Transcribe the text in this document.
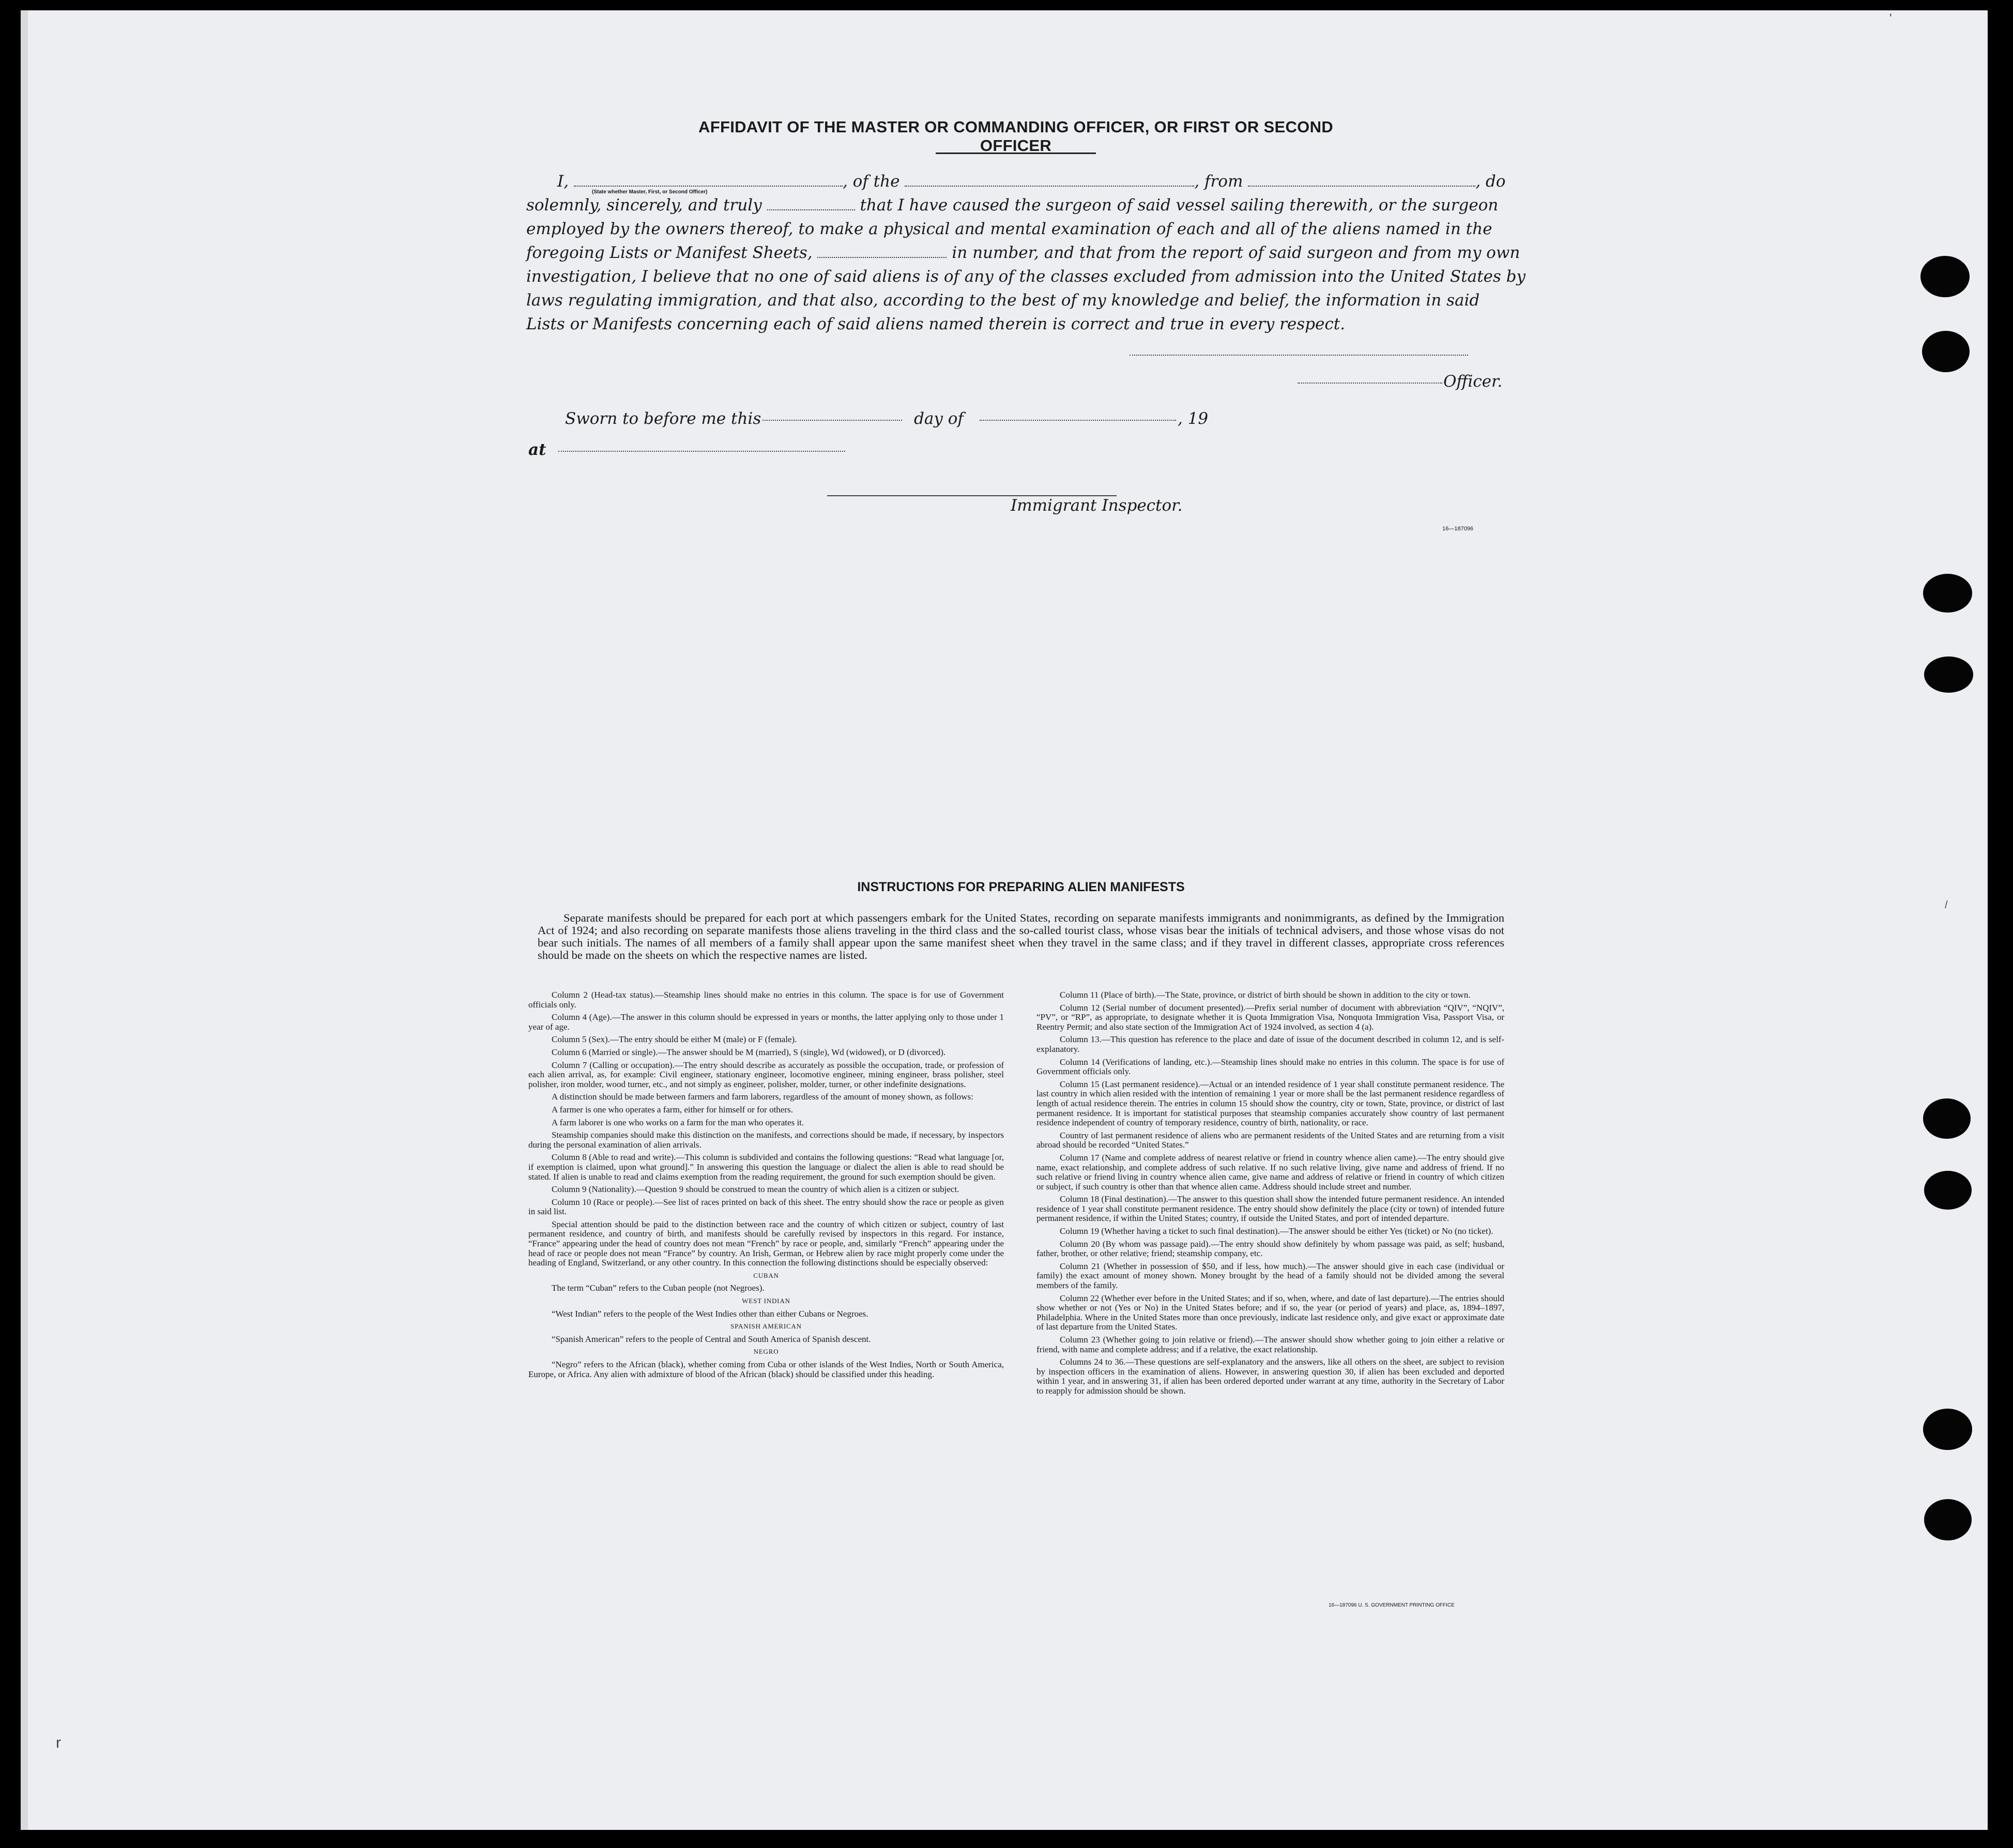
'
r
/
AFFIDAVIT OF THE MASTER OR COMMANDING OFFICER, OR FIRST OR SECOND OFFICER

I,	, of the	, from	, do

solemnly, sincerely, and truly	that I have caused the surgeon of said vessel sailing therewith, or the surgeon

employed by the owners thereof, to make a physical and mental examination of each and all of the aliens named in the

foregoing Lists or Manifest Sheets,	in number, and that from the report of said surgeon and from my own

investigation, I believe that no one of said aliens is of any of the classes excluded from admission into the United States by

laws regulating immigration, and that also, according to the best of my knowledge and belief, the information in said

Lists or Manifests concerning each of said aliens named therein is correct and true in every respect.

(State whether Master, First, or Second Officer)
Officer.
Sworn to before me this	day of	, 19
at
Immigrant Inspector.
16—187096
INSTRUCTIONS FOR PREPARING ALIEN MANIFESTS

Separate manifests should be prepared for each port at which passengers embark for the United States, recording on separate manifests immigrants and nonimmigrants, as defined by the Immigration Act of 1924; and also recording on separate manifests those aliens traveling in the third class and the so-called tourist class, whose visas bear the initials of technical advisers, and those whose visas do not bear such initials. The names of all members of a family shall appear upon the same manifest sheet when they travel in the same class; and if they travel in different classes, appropriate cross references should be made on the sheets on which the respective names are listed.

Column 2 (Head-tax status).—Steamship lines should make no entries in this column. The space is for use of Government officials only.

Column 4 (Age).—The answer in this column should be expressed in years or months, the latter applying only to those under 1 year of age.

Column 5 (Sex).—The entry should be either M (male) or F (female).

Column 6 (Married or single).—The answer should be M (married), S (single), Wd (widowed), or D (divorced).

Column 7 (Calling or occupation).—The entry should describe as accurately as possible the occupation, trade, or profession of each alien arrival, as, for example: Civil engineer, stationary engineer, locomotive engineer, mining engineer, brass polisher, steel polisher, iron molder, wood turner, etc., and not simply as engineer, polisher, molder, turner, or other indefinite designations.

A distinction should be made between farmers and farm laborers, regardless of the amount of money shown, as follows:

A farmer is one who operates a farm, either for himself or for others.

A farm laborer is one who works on a farm for the man who operates it.

Steamship companies should make this distinction on the manifests, and corrections should be made, if necessary, by inspectors during the personal examination of alien arrivals.

Column 8 (Able to read and write).—This column is subdivided and contains the following questions: “Read what language [or, if exemption is claimed, upon what ground].” In answering this question the language or dialect the alien is able to read should be stated. If alien is unable to read and claims exemption from the reading requirement, the ground for such exemption should be given.

Column 9 (Nationality).—Question 9 should be construed to mean the country of which alien is a citizen or subject.

Column 10 (Race or people).—See list of races printed on back of this sheet. The entry should show the race or people as given in said list.

Special attention should be paid to the distinction between race and the country of which citizen or subject, country of last permanent residence, and country of birth, and manifests should be carefully revised by inspectors in this regard. For instance, “France” appearing under the head of country does not mean “French” by race or people, and, similarly “French” appearing under the head of race or people does not mean “France” by country. An Irish, German, or Hebrew alien by race might properly come under the heading of England, Switzerland, or any other country. In this connection the following distinctions should be especially observed:

CUBAN

The term “Cuban” refers to the Cuban people (not Negroes).

WEST INDIAN

“West Indian” refers to the people of the West Indies other than either Cubans or Negroes.

SPANISH AMERICAN

“Spanish American” refers to the people of Central and South America of Spanish descent.

NEGRO

“Negro” refers to the African (black), whether coming from Cuba or other islands of the West Indies, North or South America, Europe, or Africa. Any alien with admixture of blood of the African (black) should be classified under this heading.

Column 11 (Place of birth).—The State, province, or district of birth should be shown in addition to the city or town.

Column 12 (Serial number of document presented).—Prefix serial number of document with abbreviation “QIV”, “NQIV”, “PV”, or “RP”, as appropriate, to designate whether it is Quota Immigration Visa, Nonquota Immigration Visa, Passport Visa, or Reentry Permit; and also state section of the Immigration Act of 1924 involved, as section 4 (a).

Column 13.—This question has reference to the place and date of issue of the document described in column 12, and is self-explanatory.

Column 14 (Verifications of landing, etc.).—Steamship lines should make no entries in this column. The space is for use of Government officials only.

Column 15 (Last permanent residence).—Actual or an intended residence of 1 year shall constitute permanent residence. The last country in which alien resided with the intention of remaining 1 year or more shall be the last permanent residence regardless of length of actual residence therein. The entries in column 15 should show the country, city or town, State, province, or district of last permanent residence. It is important for statistical purposes that steamship companies accurately show country of last permanent residence independent of country of temporary residence, country of birth, nationality, or race.

Country of last permanent residence of aliens who are permanent residents of the United States and are returning from a visit abroad should be recorded “United States.”

Column 17 (Name and complete address of nearest relative or friend in country whence alien came).—The entry should give name, exact relationship, and complete address of such relative. If no such relative living, give name and address of friend. If no such relative or friend living in country whence alien came, give name and address of relative or friend in country of which citizen or subject, if such country is other than that whence alien came. Address should include street and number.

Column 18 (Final destination).—The answer to this question shall show the intended future permanent residence. An intended residence of 1 year shall constitute permanent residence. The entry should show definitely the place (city or town) of intended future permanent residence, if within the United States; country, if outside the United States, and port of intended departure.

Column 19 (Whether having a ticket to such final destination).—The answer should be either Yes (ticket) or No (no ticket).

Column 20 (By whom was passage paid).—The entry should show definitely by whom passage was paid, as self; husband, father, brother, or other relative; friend; steamship company, etc.

Column 21 (Whether in possession of $50, and if less, how much).—The answer should give in each case (individual or family) the exact amount of money shown. Money brought by the head of a family should not be divided among the several members of the family.

Column 22 (Whether ever before in the United States; and if so, when, where, and date of last departure).—The entries should show whether or not (Yes or No) in the United States before; and if so, the year (or period of years) and place, as, 1894–1897, Philadelphia. Where in the United States more than once previously, indicate last residence only, and give exact or approximate date of last departure from the United States.

Column 23 (Whether going to join relative or friend).—The answer should show whether going to join either a relative or friend, with name and complete address; and if a relative, the exact relationship.

Columns 24 to 36.—These questions are self-explanatory and the answers, like all others on the sheet, are subject to revision by inspection officers in the examination of aliens. However, in answering question 30, if alien has been excluded and deported within 1 year, and in answering 31, if alien has been ordered deported under warrant at any time, authority in the Secretary of Labor to reapply for admission should be shown.

16—187096 U. S. GOVERNMENT PRINTING OFFICE
